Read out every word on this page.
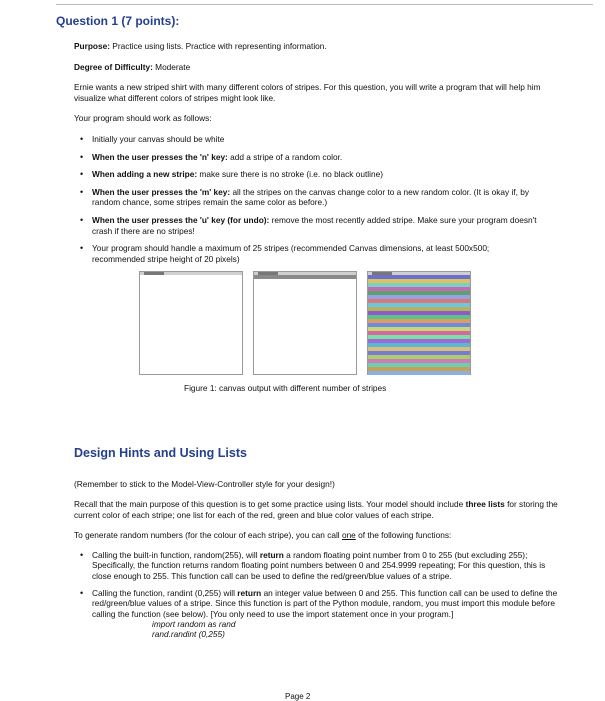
Question 1 (7 points):

Purpose: Practice using lists. Practice with representing information.

Degree of Difficulty: Moderate

Ernie wants a new striped shirt with many different colors of stripes. For this question, you will write a program that will help him visualize what different colors of stripes might look like.

Your program should work as follows:

• Initially your canvas should be white
• When the user presses the 'n' key: add a stripe of a random color.
• When adding a new stripe: make sure there is no stroke (i.e. no black outline)
• When the user presses the 'm' key: all the stripes on the canvas change color to a new random color. (It is okay if, by random chance, some stripes remain the same color as before.)
• When the user presses the 'u' key (for undo): remove the most recently added stripe. Make sure your program doesn't crash if there are no stripes!
• Your program should handle a maximum of 25 stripes (recommended Canvas dimensions, at least 500x500; recommended stripe height of 20 pixels)
Figure 1: canvas output with different number of stripes
Design Hints and Using Lists

(Remember to stick to the Model-View-Controller style for your design!)

Recall that the main purpose of this question is to get some practice using lists. Your model should include three lists for storing the current color of each stripe; one list for each of the red, green and blue color values of each stripe.

To generate random numbers (for the colour of each stripe), you can call one of the following functions:

• Calling the built-in function, random(255), will return a random floating point number from 0 to 255 (but excluding 255); Specifically, the function returns random floating point numbers between 0 and 254.9999 repeating; For this question, this is close enough to 255. This function call can be used to define the red/green/blue values of a stripe.
• Calling the function, randint (0,255) will return an integer value between 0 and 255. This function call can be used to define the red/green/blue values of a stripe. Since this function is part of the Python module, random, you must import this module before calling the function (see below). [You only need to use the import statement once in your program.]
import random as rand
rand.randint (0,255)
Page 2
